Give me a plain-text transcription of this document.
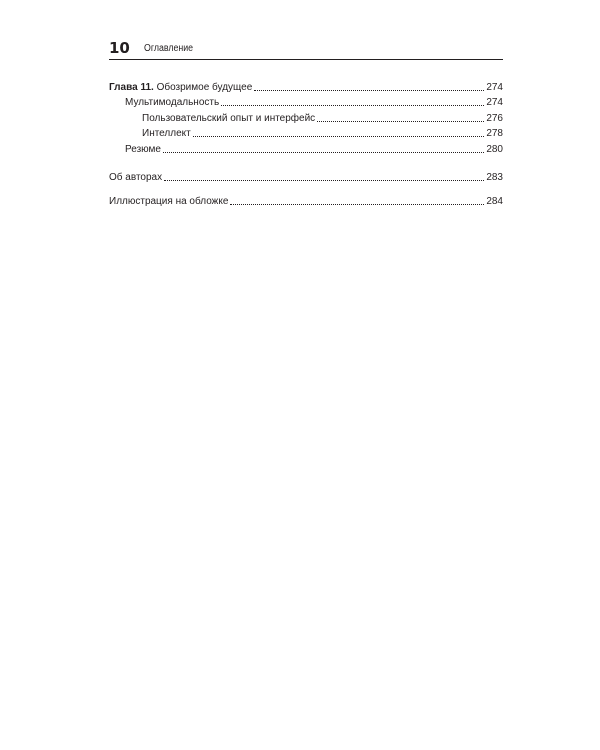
10 Оглавление
Глава 11. Обозримое будущее	274
Мультимодальность	274
Пользовательский опыт и интерфейс	276
Интеллект	278
Резюме	280
Об авторах	283
Иллюстрация на обложке	284
